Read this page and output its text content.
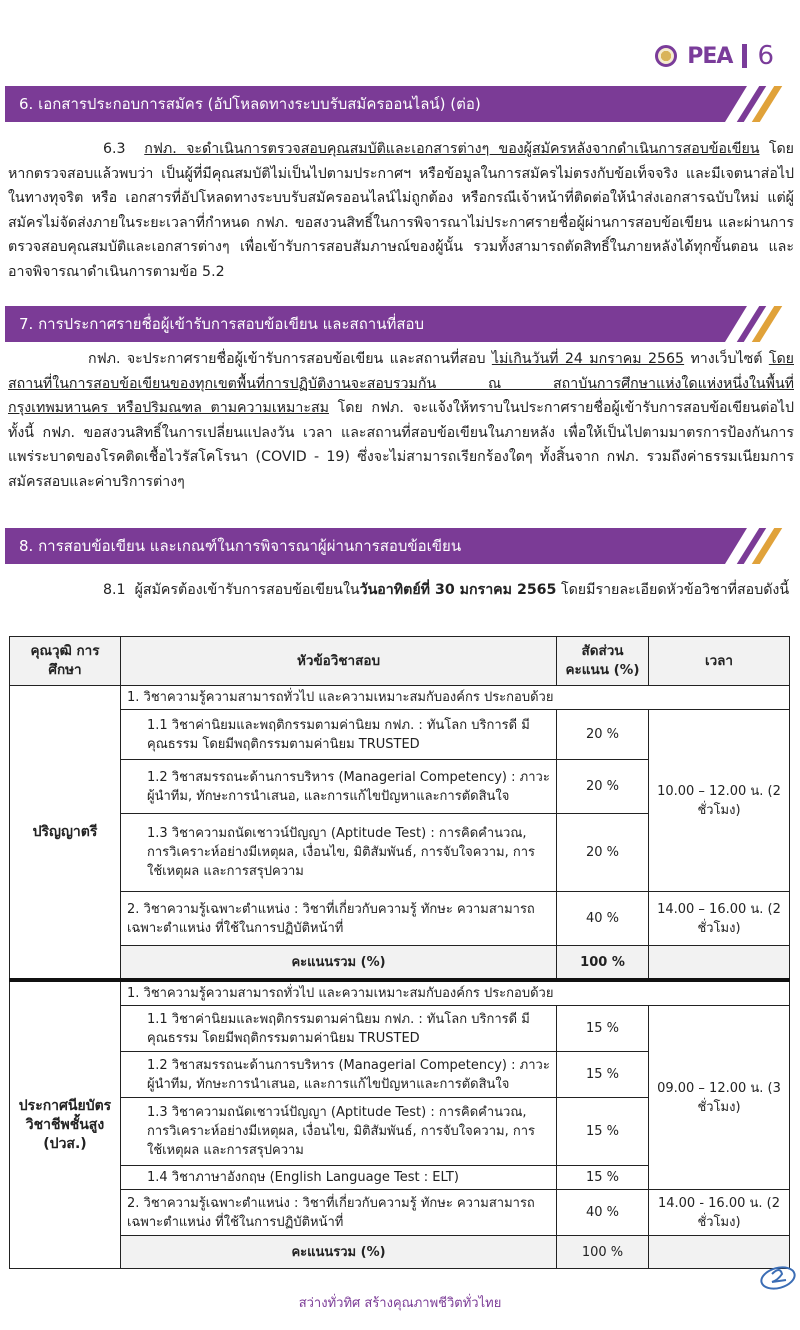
PEA 6
6. เอกสารประกอบการสมัคร (อัปโหลดทางระบบรับสมัครออนไลน์) (ต่อ)
6.3 กฟภ. จะดำเนินการตรวจสอบคุณสมบัติและเอกสารต่างๆ ของผู้สมัครหลังจากดำเนินการสอบข้อเขียน โดยหากตรวจสอบแล้วพบว่า เป็นผู้ที่มีคุณสมบัติไม่เป็นไปตามประกาศฯ หรือข้อมูลในการสมัครไม่ตรงกับข้อเท็จจริง และมีเจตนาส่อไปในทางทุจริต หรือ เอกสารที่อัปโหลดทางระบบรับสมัครออนไลน์ไม่ถูกต้อง หรือกรณีเจ้าหน้าที่ติดต่อให้นำส่งเอกสารฉบับใหม่ แต่ผู้สมัครไม่จัดส่งภายในระยะเวลาที่กำหนด กฟภ. ขอสงวนสิทธิ์ในการพิจารณาไม่ประกาศรายชื่อผู้ผ่านการสอบข้อเขียน และผ่านการตรวจสอบคุณสมบัติและเอกสารต่างๆ เพื่อเข้ารับการสอบสัมภาษณ์ของผู้นั้น รวมทั้งสามารถตัดสิทธิ์ในภายหลังได้ทุกขั้นตอน และอาจพิจารณาดำเนินการตามข้อ 5.2
7. การประกาศรายชื่อผู้เข้ารับการสอบข้อเขียน และสถานที่สอบ
กฟภ. จะประกาศรายชื่อผู้เข้ารับการสอบข้อเขียน และสถานที่สอบ ไม่เกินวันที่ 24 มกราคม 2565 ทางเว็บไซต์ โดยสถานที่ในการสอบข้อเขียนของทุกเขตพื้นที่การปฏิบัติงานจะสอบรวมกัน ณ สถาบันการศึกษาแห่งใดแห่งหนึ่งในพื้นที่กรุงเทพมหานคร หรือปริมณฑล ตามความเหมาะสม โดย กฟภ. จะแจ้งให้ทราบในประกาศรายชื่อผู้เข้ารับการสอบข้อเขียนต่อไป ทั้งนี้ กฟภ. ขอสงวนสิทธิ์ในการเปลี่ยนแปลงวัน เวลา และสถานที่สอบข้อเขียนในภายหลัง เพื่อให้เป็นไปตามมาตรการป้องกันการแพร่ระบาดของโรคติดเชื้อไวรัสโคโรนา (COVID - 19) ซึ่งจะไม่สามารถเรียกร้องใดๆ ทั้งสิ้นจาก กฟภ. รวมถึงค่าธรรมเนียมการสมัครสอบและค่าบริการต่างๆ
8. การสอบข้อเขียน และเกณฑ์ในการพิจารณาผู้ผ่านการสอบข้อเขียน
8.1 ผู้สมัครต้องเข้ารับการสอบข้อเขียนในวันอาทิตย์ที่ 30 มกราคม 2565 โดยมีรายละเอียดหัวข้อวิชาที่สอบดังนี้
คุณวุฒิ การศึกษา	หัวข้อวิชาสอบ	สัดส่วนคะแนน (%)	เวลา
ปริญญาตรี	1. วิชาความรู้ความสามารถทั่วไป และความเหมาะสมกับองค์กร ประกอบด้วย		
	1.1 วิชาค่านิยมและพฤติกรรมตามค่านิยม กฟภ. : ทันโลก บริการดี มีคุณธรรม โดยมีพฤติกรรมตามค่านิยม TRUSTED	20 %	10.00 – 12.00 น. (2 ชั่วโมง)
	1.2 วิชาสมรรถนะด้านการบริหาร (Managerial Competency) : ภาวะผู้นำทีม, ทักษะการนำเสนอ, และการแก้ไขปัญหาและการตัดสินใจ	20 %	
	1.3 วิชาความถนัดเชาวน์ปัญญา (Aptitude Test) : การคิดคำนวณ, การวิเคราะห์อย่างมีเหตุผล, เงื่อนไข, มิติสัมพันธ์, การจับใจความ, การใช้เหตุผล และการสรุปความ	20 %	
	2. วิชาความรู้เฉพาะตำแหน่ง : วิชาที่เกี่ยวกับความรู้ ทักษะ ความสามารถเฉพาะตำแหน่ง ที่ใช้ในการปฏิบัติหน้าที่	40 %	14.00 – 16.00 น. (2 ชั่วโมง)
	คะแนนรวม (%)	100 %	
ประกาศนียบัตรวิชาชีพชั้นสูง (ปวส.)	1. วิชาความรู้ความสามารถทั่วไป และความเหมาะสมกับองค์กร ประกอบด้วย		
	1.1 วิชาค่านิยมและพฤติกรรมตามค่านิยม กฟภ. : ทันโลก บริการดี มีคุณธรรม โดยมีพฤติกรรมตามค่านิยม TRUSTED	15 %	09.00 – 12.00 น. (3 ชั่วโมง)
	1.2 วิชาสมรรถนะด้านการบริหาร (Managerial Competency) : ภาวะผู้นำทีม, ทักษะการนำเสนอ, และการแก้ไขปัญหาและการตัดสินใจ	15 %	
	1.3 วิชาความถนัดเชาวน์ปัญญา (Aptitude Test) : การคิดคำนวณ, การวิเคราะห์อย่างมีเหตุผล, เงื่อนไข, มิติสัมพันธ์, การจับใจความ, การใช้เหตุผล และการสรุปความ	15 %	
	1.4 วิชาภาษาอังกฤษ (English Language Test : ELT)	15 %	
	2. วิชาความรู้เฉพาะตำแหน่ง : วิชาที่เกี่ยวกับความรู้ ทักษะ ความสามารถเฉพาะตำแหน่ง ที่ใช้ในการปฏิบัติหน้าที่	40 %	14.00 - 16.00 น. (2 ชั่วโมง)
	คะแนนรวม (%)	100 %	
สว่างทั่วทิศ สร้างคุณภาพชีวิตทั่วไทย
